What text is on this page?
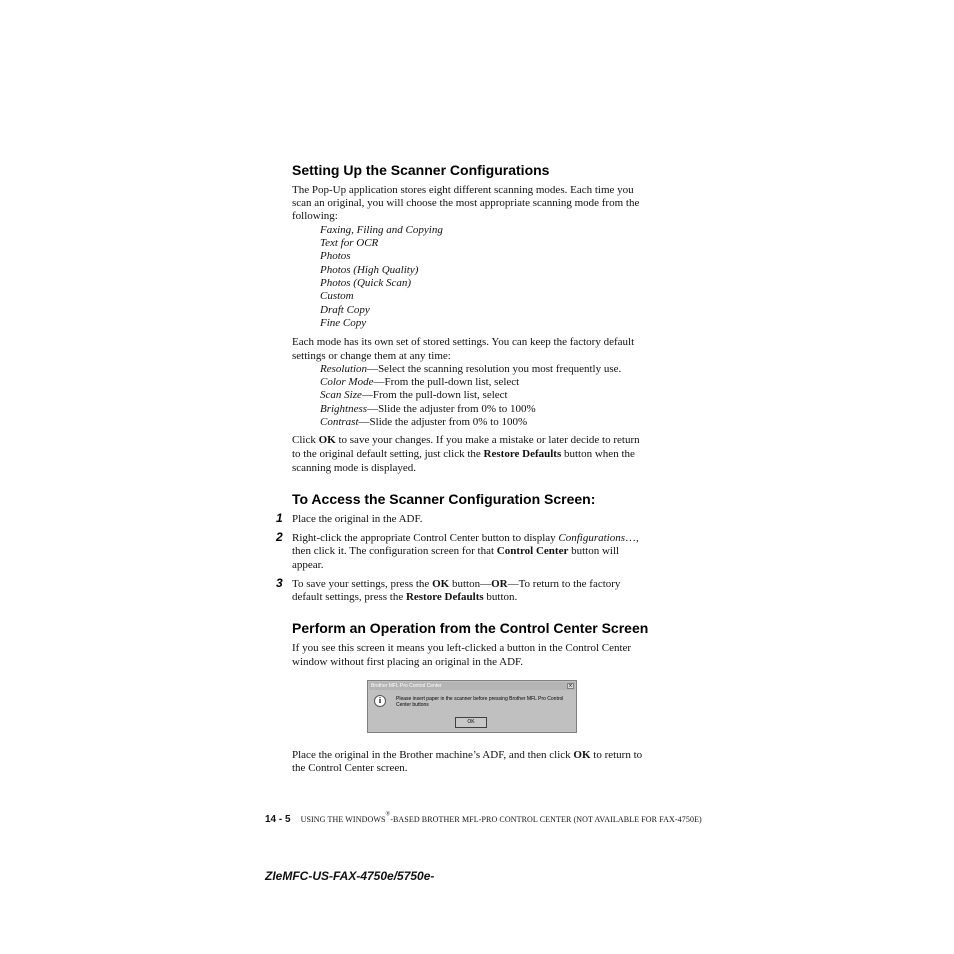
Setting Up the Scanner Configurations
The Pop-Up application stores eight different scanning modes. Each time you
scan an original, you will choose the most appropriate scanning mode from the
following:
Faxing, Filing and Copying
Text for OCR
Photos
Photos (High Quality)
Photos (Quick Scan)
Custom
Draft Copy
Fine Copy
Each mode has its own set of stored settings. You can keep the factory default
settings or change them at any time:
Resolution—Select the scanning resolution you most frequently use.
Color Mode—From the pull-down list, select
Scan Size—From the pull-down list, select
Brightness—Slide the adjuster from 0% to 100%
Contrast—Slide the adjuster from 0% to 100%
Click OK to save your changes. If you make a mistake or later decide to return
to the original default setting, just click the Restore Defaults button when the
scanning mode is displayed.
To Access the Scanner Configuration Screen:
1 Place the original in the ADF.
2 Right-click the appropriate Control Center button to display Configurations…,
then click it. The configuration screen for that Control Center button will
appear.
3 To save your settings, press the OK button—OR—To return to the factory
default settings, press the Restore Defaults button.
Perform an Operation from the Control Center Screen
If you see this screen it means you left-clicked a button in the Control Center
window without first placing an original in the ADF.
Brother MFL Pro Control Center	×
i	Please insert paper in the scanner before pressing Brother MFL Pro Control Center buttons
OK
Place the original in the Brother machine’s ADF, and then click OK to return to
the Control Center screen.
14 - 5 USING THE WINDOWS®-BASED BROTHER MFL-PRO CONTROL CENTER (NOT AVAILABLE FOR FAX-4750E)
ZIeMFC-US-FAX-4750e/5750e-
